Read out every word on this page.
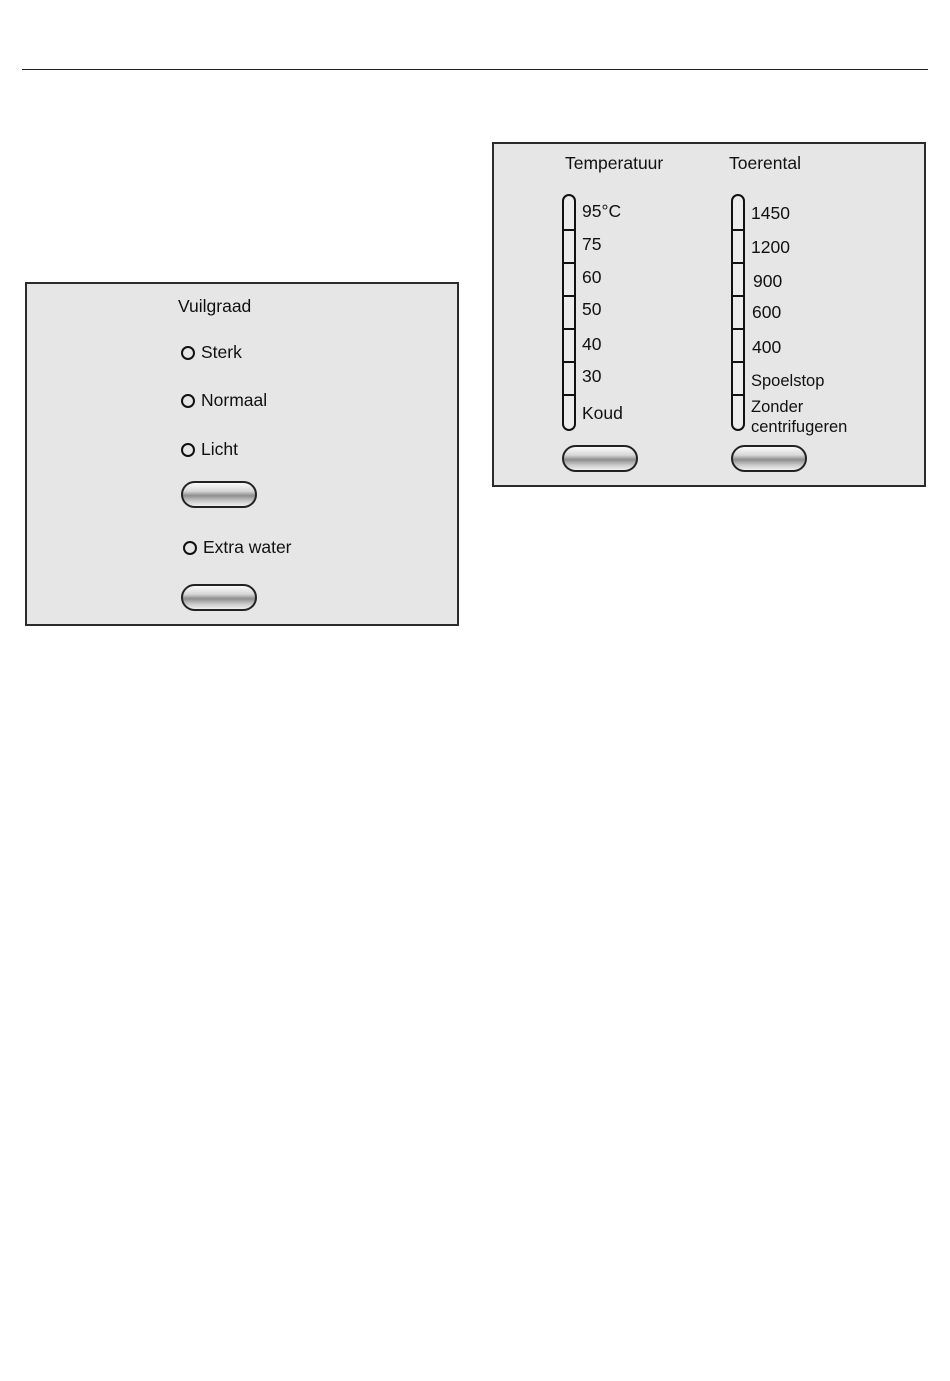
Vuilgraad
Sterk
Normaal
Licht
Extra water
Temperatuur	Toerental
95°C
75
60
50
40
30
Koud
1450
1200
900
600
400
Spoelstop
Zonder
centrifugeren
